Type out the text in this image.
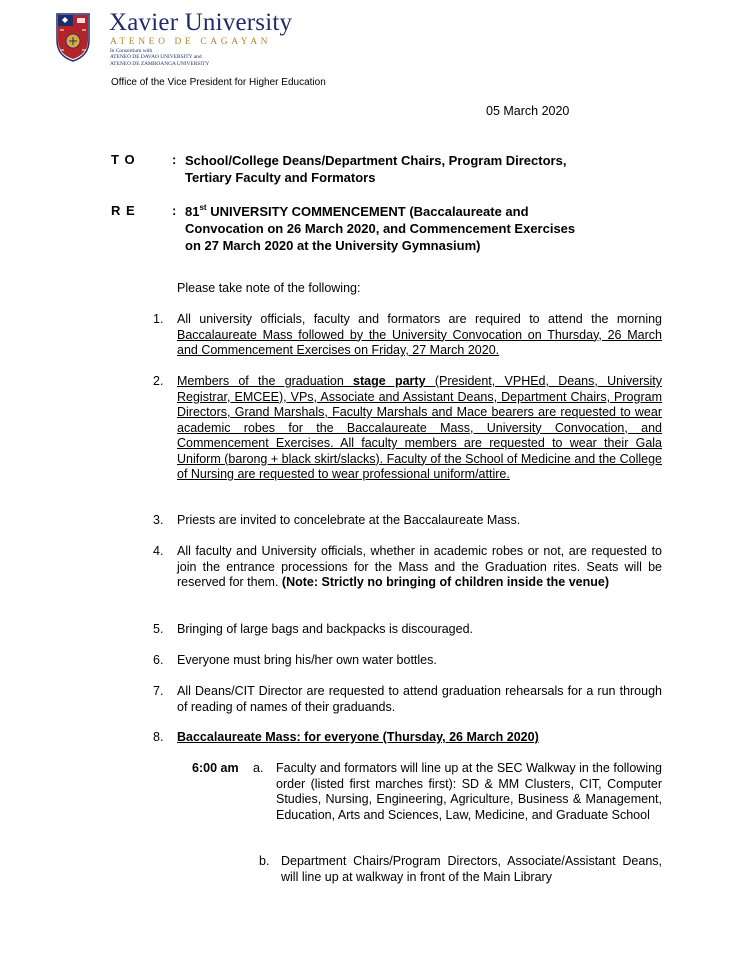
Xavier University
ATENEO DE CAGAYAN
In Consortium with
ATENEO DE DAVAO UNIVERSITY and
ATENEO DE ZAMBOANGA UNIVERSITY
Office of the Vice President for Higher Education
05 March 2020
T O	: School/College Deans/Department Chairs, Program Directors,
Tertiary Faculty and Formators
R E	: 81st UNIVERSITY COMMENCEMENT (Baccalaureate and
Convocation on 26 March 2020, and Commencement Exercises
on 27 March 2020 at the University Gymnasium)
Please take note of the following:
1.	All university officials, faculty and formators are required to attend the morning Baccalaureate Mass followed by the University Convocation on Thursday, 26 March and Commencement Exercises on Friday, 27 March 2020.
2.	Members of the graduation stage party (President, VPHEd, Deans, University Registrar, EMCEE), VPs, Associate and Assistant Deans, Department Chairs, Program Directors, Grand Marshals, Faculty Marshals and Mace bearers are requested to wear academic robes for the Baccalaureate Mass, University Convocation, and Commencement Exercises. All faculty members are requested to wear their Gala Uniform (barong + black skirt/slacks). Faculty of the School of Medicine and the College of Nursing are requested to wear professional uniform/attire.
3.	Priests are invited to concelebrate at the Baccalaureate Mass.
4.	All faculty and University officials, whether in academic robes or not, are requested to join the entrance processions for the Mass and the Graduation rites. Seats will be reserved for them. (Note: Strictly no bringing of children inside the venue)
5.	Bringing of large bags and backpacks is discouraged.
6.	Everyone must bring his/her own water bottles.
7.	All Deans/CIT Director are requested to attend graduation rehearsals for a run through of reading of names of their graduands.
8.	Baccalaureate Mass: for everyone (Thursday, 26 March 2020)
6:00 am a. Faculty and formators will line up at the SEC Walkway in the following order (listed first marches first): SD & MM Clusters, CIT, Computer Studies, Nursing, Engineering, Agriculture, Business & Management, Education, Arts and Sciences, Law, Medicine, and Graduate School
b. Department Chairs/Program Directors, Associate/Assistant Deans, will line up at walkway in front of the Main Library
